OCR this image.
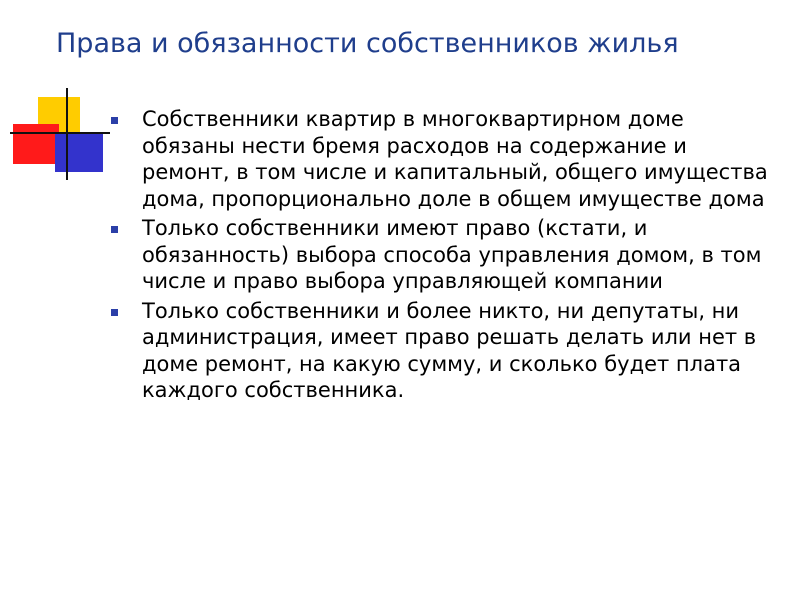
Права и обязанности собственников жилья
Собственники квартир в многоквартирном доме обязаны нести бремя расходов на содержание и ремонт, в том числе и капитальный, общего имущества дома, пропорционально доле в общем имуществе дома
Только собственники имеют право (кстати, и обязанность) выбора способа управления домом, в том числе и право выбора управляющей компании
Только собственники и более никто, ни депутаты, ни администрация, имеет право решать делать или нет в доме ремонт, на какую сумму, и сколько будет плата каждого собственника.
